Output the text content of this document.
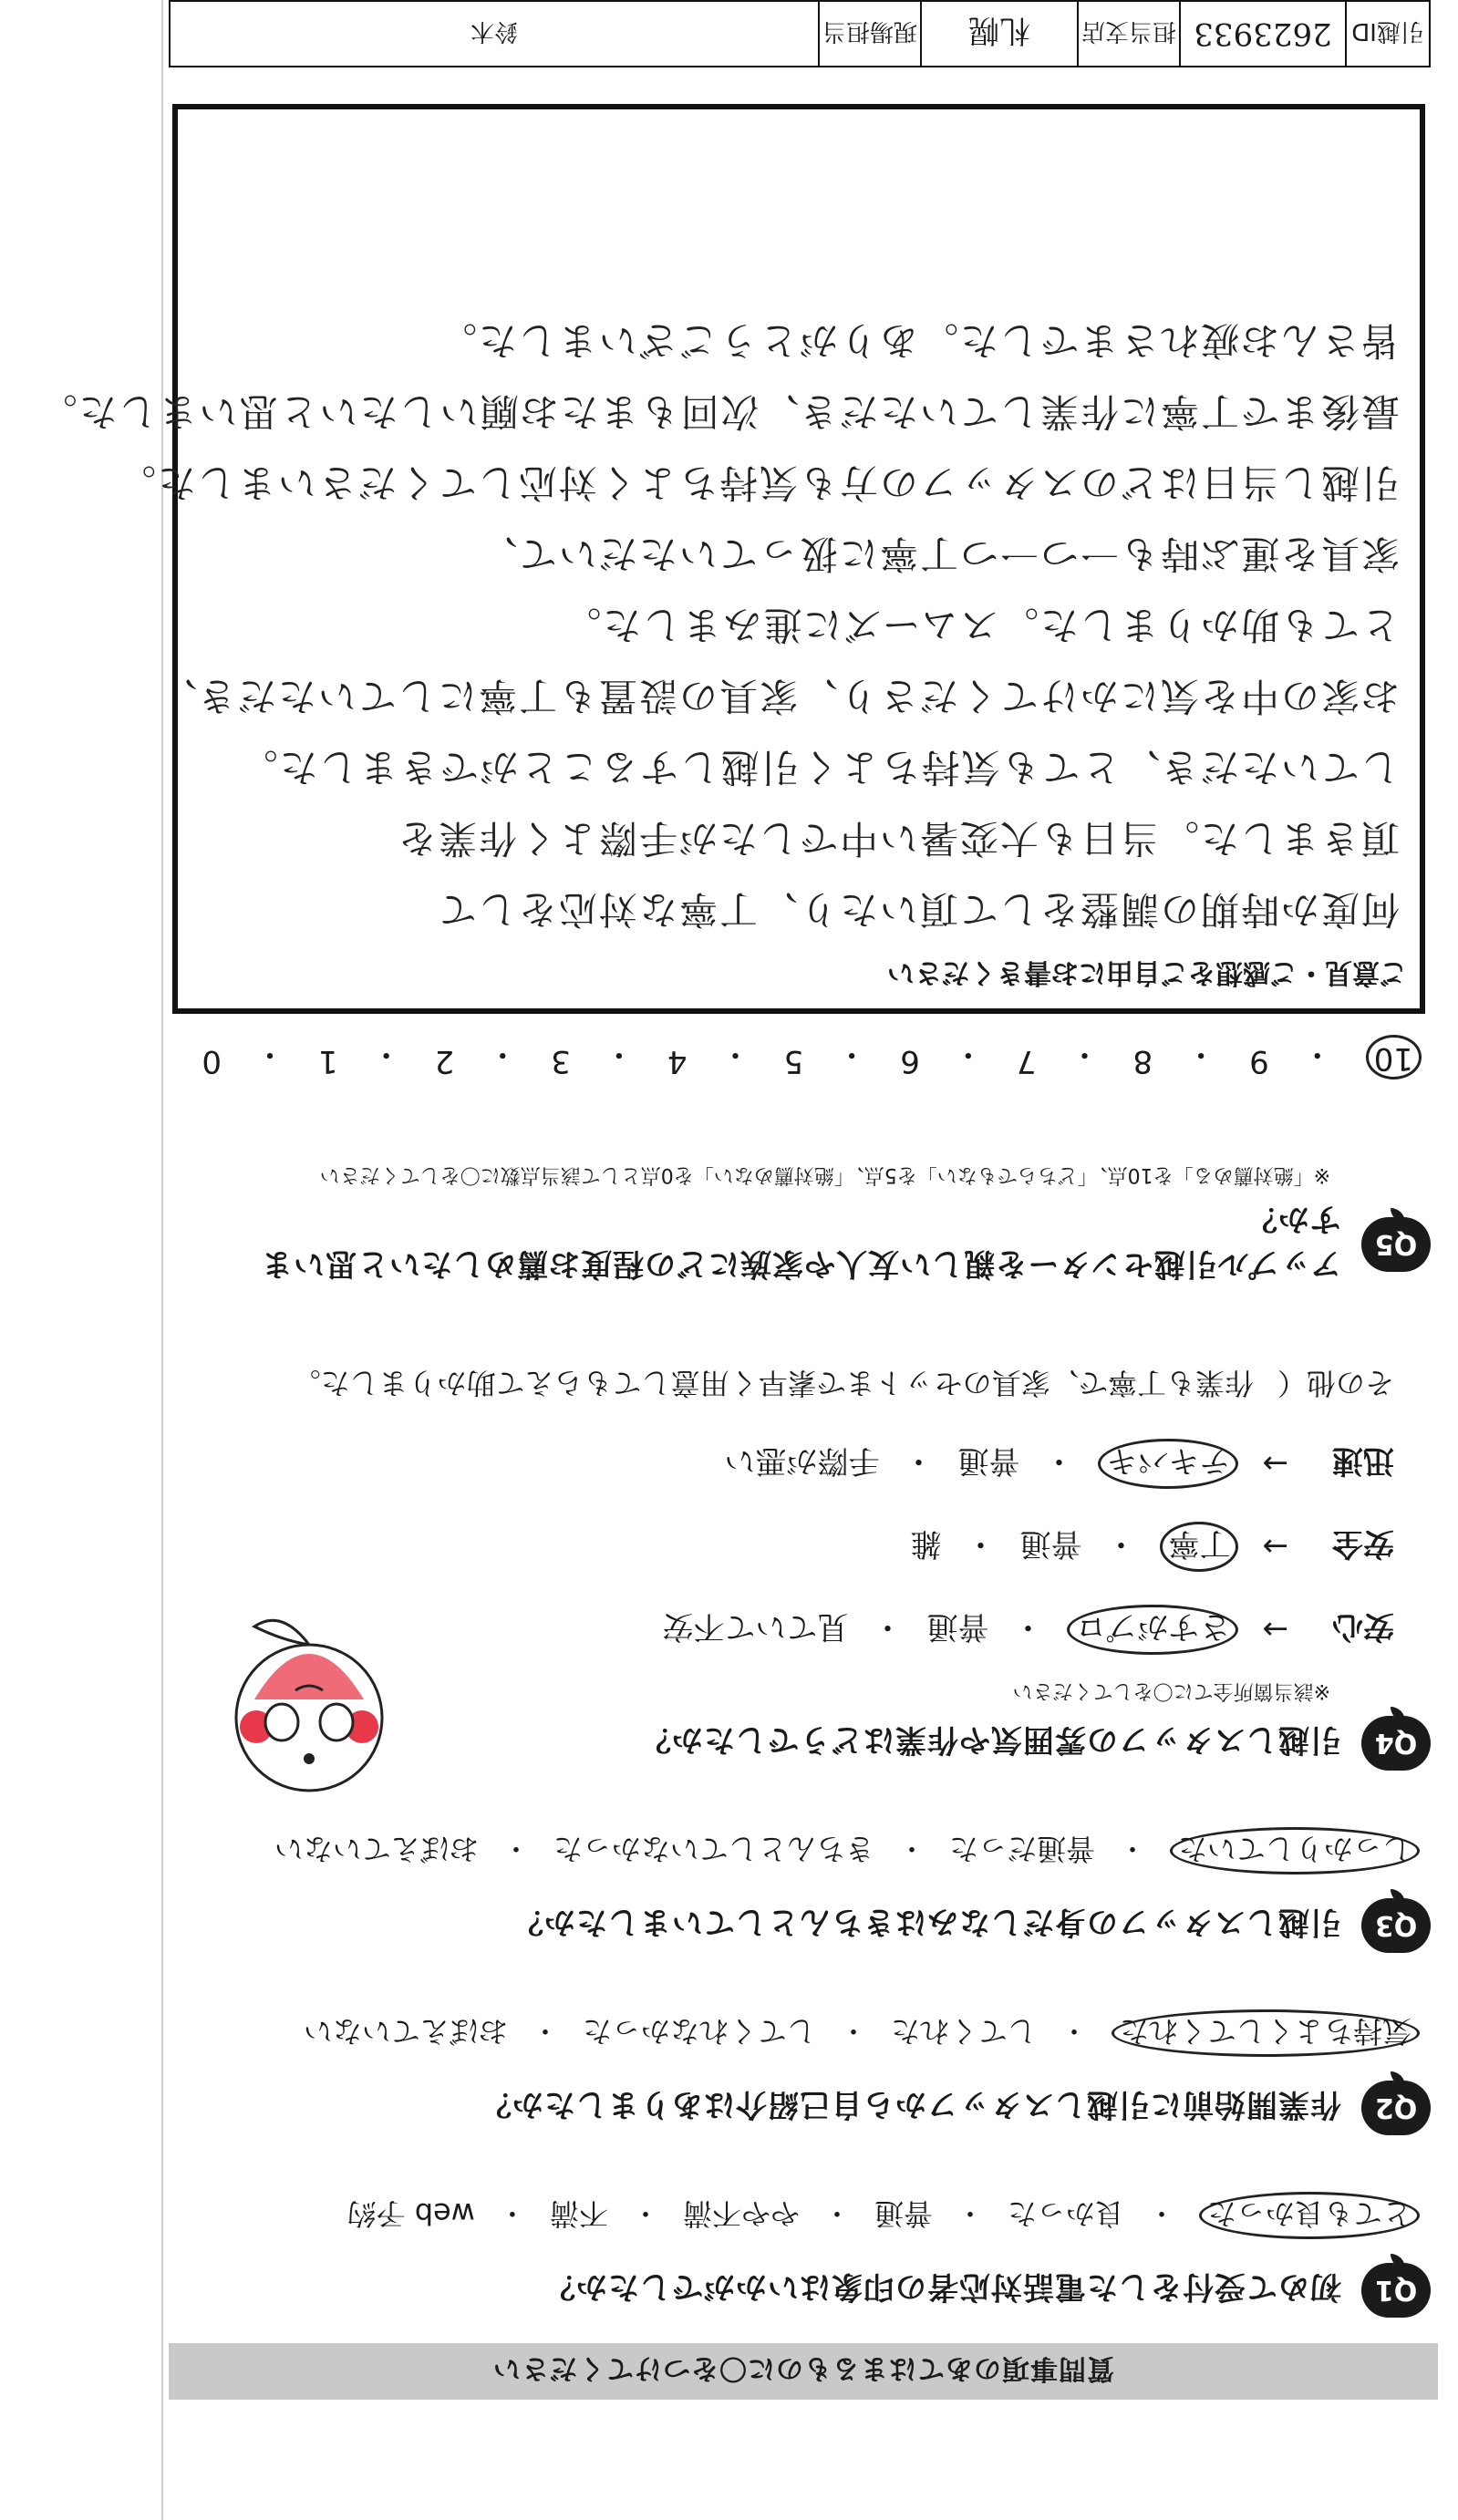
質問事項のあてはまるものに〇をつけてください
Q1
初めて受付をした電話対応者の印象はいかがでしたか？
とても良かった
・
良かった
・
普通
・
やや不満
・
不満
・
web 予約
Q2
作業開始前に引越しスタッフから自己紹介はありましたか？
気持ちよくしてくれた
・
してくれた
・
してくれなかった
・
おぼえていない
Q3
引越しスタッフの身だしなみはきちんとしていましたか？
しっかりしていた
・
普通だった
・
きちんとしていなかった
・
おぼえていない
Q4
引越しスタッフの雰囲気や作業はどうでしたか？
※該当箇所全てに〇をしてください
安心
→
さすがプロ
・
普通
・
見ていて不安
安全
→
丁寧
・
普通
・
雑
迅速
→
テキパキ
・
普通
・
手際が悪い
その他（
作業も丁寧で、家具のセットまで素早く用意してもらえて助かりました。
Q5
アップル引越センターを親しい友人や家族にどの程度お薦めしたいと思いますか？
※「絶対薦める」を10点、「どちらでもない」を5点、「絶対薦めない」を0点として該当点数に〇をしてください
10
・
9
・
8
・
7
・
6
・
5
・
4
・
3
・
2
・
1
・
0
ご意見・ご感想をご自由にお書きください

何度か時期の調整をして頂いたり、丁寧な対応をして

頂きました。当日も大変暑い中でしたが手際よく作業を

していただき、とても気持ちよく引越しすることができました。

お家の中を気にかけてくださり、家具の設置も丁寧にしていただき、

とても助かりました。スムーズに進みました。

家具を運ぶ時も一つ一つ丁寧に扱っていただいて、

引越し当日はどのスタッフの方も気持ちよく対応してくださいました。

最後まで丁寧に作業していただき、次回もまたお願いしたいと思いました。

皆さんお疲れさまでした。ありがとうございました。

引越ID
2623933
担当支店
札幌
現場担当
鈴木
